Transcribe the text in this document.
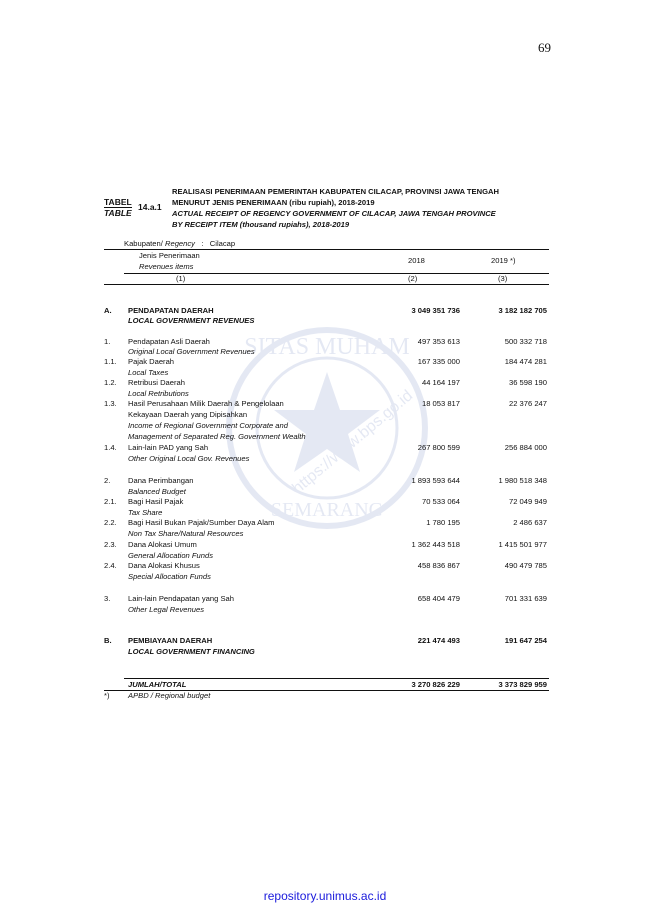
69
SITAS MUHAM
SEMARANG
https://www.bps.go.id
TABEL
TABLE
14.a.1
REALISASI PENERIMAAN PEMERINTAH KABUPATEN CILACAP, PROVINSI JAWA TENGAH
MENURUT JENIS PENERIMAAN (ribu rupiah), 2018-2019
ACTUAL RECEIPT OF REGENCY GOVERNMENT OF CILACAP, JAWA TENGAH PROVINCE
BY RECEIPT ITEM (thousand rupiahs), 2018-2019
Kabupaten/ Regency : Cilacap
Jenis Penerimaan
Revenues items
2018	2019 *)
(1)	(2)	(3)
A. PENDAPATAN DAERAH
LOCAL GOVERNMENT REVENUES
3 049 351 736	3 182 182 705
1. Pendapatan Asli Daerah
Original Local Government Revenues
497 353 613	500 332 718
1.1. Pajak Daerah
Local Taxes
167 335 000	184 474 281
1.2. Retribusi Daerah
Local Retributions
44 164 197	36 598 190
1.3. Hasil Perusahaan Milik Daerah & Pengelolaan
Kekayaan Daerah yang Dipisahkan
Income of Regional Government Corporate and
Management of Separated Reg. Government Wealth
18 053 817	22 376 247
1.4. Lain-lain PAD yang Sah
Other Original Local Gov. Revenues
267 800 599	256 884 000
2. Dana Perimbangan
Balanced Budget
1 893 593 644	1 980 518 348
2.1. Bagi Hasil Pajak
Tax Share
70 533 064	72 049 949
2.2. Bagi Hasil Bukan Pajak/Sumber Daya Alam
Non Tax Share/Natural Resources
1 780 195	2 486 637
2.3. Dana Alokasi Umum
General Allocation Funds
1 362 443 518	1 415 501 977
2.4. Dana Alokasi Khusus
Special Allocation Funds
458 836 867	490 479 785
3. Lain-lain Pendapatan yang Sah
Other Legal Revenues
658 404 479	701 331 639
B. PEMBIAYAAN DAERAH
LOCAL GOVERNMENT FINANCING
221 474 493	191 647 254
JUMLAH/TOTAL	3 270 826 229	3 373 829 959
*) APBD / Regional budget
repository.unimus.ac.id
